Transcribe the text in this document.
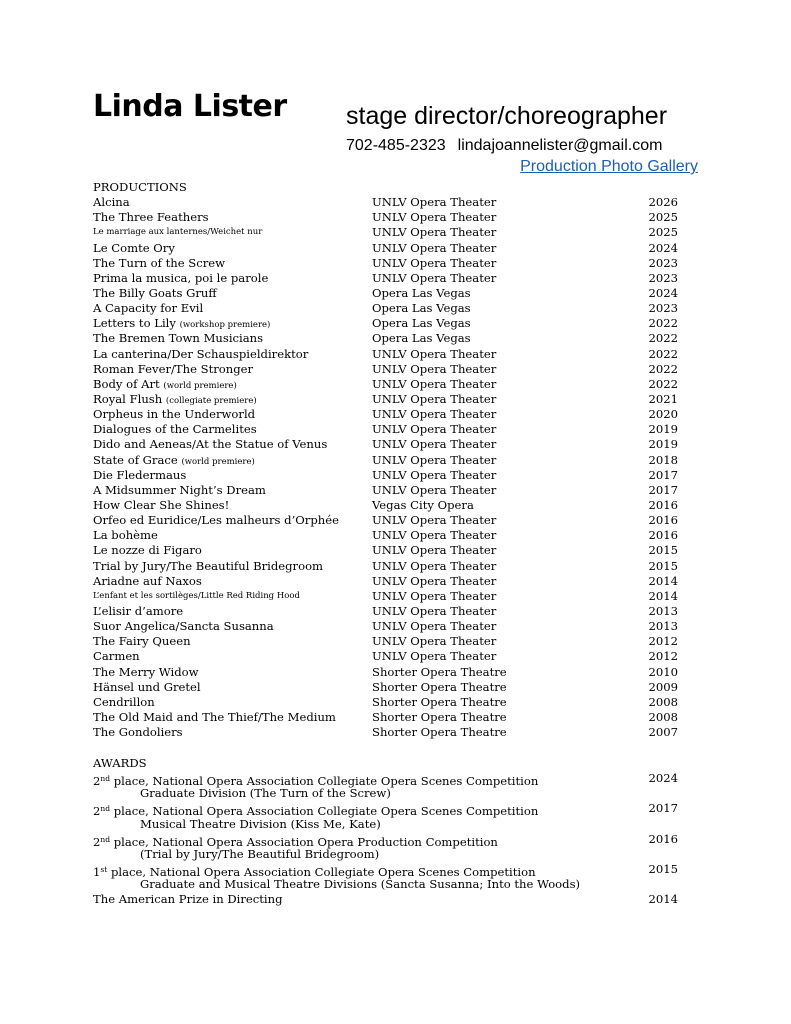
Linda Lister stage director/choreographer
702-485-2323 lindajoannelister@gmail.com
Production Photo Gallery
PRODUCTIONS
Alcina	UNLV Opera Theater	2026
The Three Feathers	UNLV Opera Theater	2025
Le marriage aux lanternes/Weichet nur	UNLV Opera Theater	2025
Le Comte Ory	UNLV Opera Theater	2024
The Turn of the Screw	UNLV Opera Theater	2023
Prima la musica, poi le parole	UNLV Opera Theater	2023
The Billy Goats Gruff	Opera Las Vegas	2024
A Capacity for Evil	Opera Las Vegas	2023
Letters to Lily (workshop premiere)	Opera Las Vegas	2022
The Bremen Town Musicians	Opera Las Vegas	2022
La canterina/Der Schauspieldirektor	UNLV Opera Theater	2022
Roman Fever/The Stronger	UNLV Opera Theater	2022
Body of Art (world premiere)	UNLV Opera Theater	2022
Royal Flush (collegiate premiere)	UNLV Opera Theater	2021
Orpheus in the Underworld	UNLV Opera Theater	2020
Dialogues of the Carmelites	UNLV Opera Theater	2019
Dido and Aeneas/At the Statue of Venus	UNLV Opera Theater	2019
State of Grace (world premiere)	UNLV Opera Theater	2018
Die Fledermaus	UNLV Opera Theater	2017
A Midsummer Night’s Dream	UNLV Opera Theater	2017
How Clear She Shines!	Vegas City Opera	2016
Orfeo ed Euridice/Les malheurs d’Orphée	UNLV Opera Theater	2016
La bohème	UNLV Opera Theater	2016
Le nozze di Figaro	UNLV Opera Theater	2015
Trial by Jury/The Beautiful Bridegroom	UNLV Opera Theater	2015
Ariadne auf Naxos	UNLV Opera Theater	2014
L’enfant et les sortilèges/Little Red Riding Hood	UNLV Opera Theater	2014
L’elisir d’amore	UNLV Opera Theater	2013
Suor Angelica/Sancta Susanna	UNLV Opera Theater	2013
The Fairy Queen	UNLV Opera Theater	2012
Carmen	UNLV Opera Theater	2012
The Merry Widow	Shorter Opera Theatre	2010
Hänsel und Gretel	Shorter Opera Theatre	2009
Cendrillon	Shorter Opera Theatre	2008
The Old Maid and The Thief/The Medium	Shorter Opera Theatre	2008
The Gondoliers	Shorter Opera Theatre	2007
AWARDS
2nd place, National Opera Association Collegiate Opera Scenes Competition	2024
Graduate Division (The Turn of the Screw)
2nd place, National Opera Association Collegiate Opera Scenes Competition	2017
Musical Theatre Division (Kiss Me, Kate)
2nd place, National Opera Association Opera Production Competition	2016
(Trial by Jury/The Beautiful Bridegroom)
1st place, National Opera Association Collegiate Opera Scenes Competition	2015
Graduate and Musical Theatre Divisions (Sancta Susanna; Into the Woods)
The American Prize in Directing	2014
